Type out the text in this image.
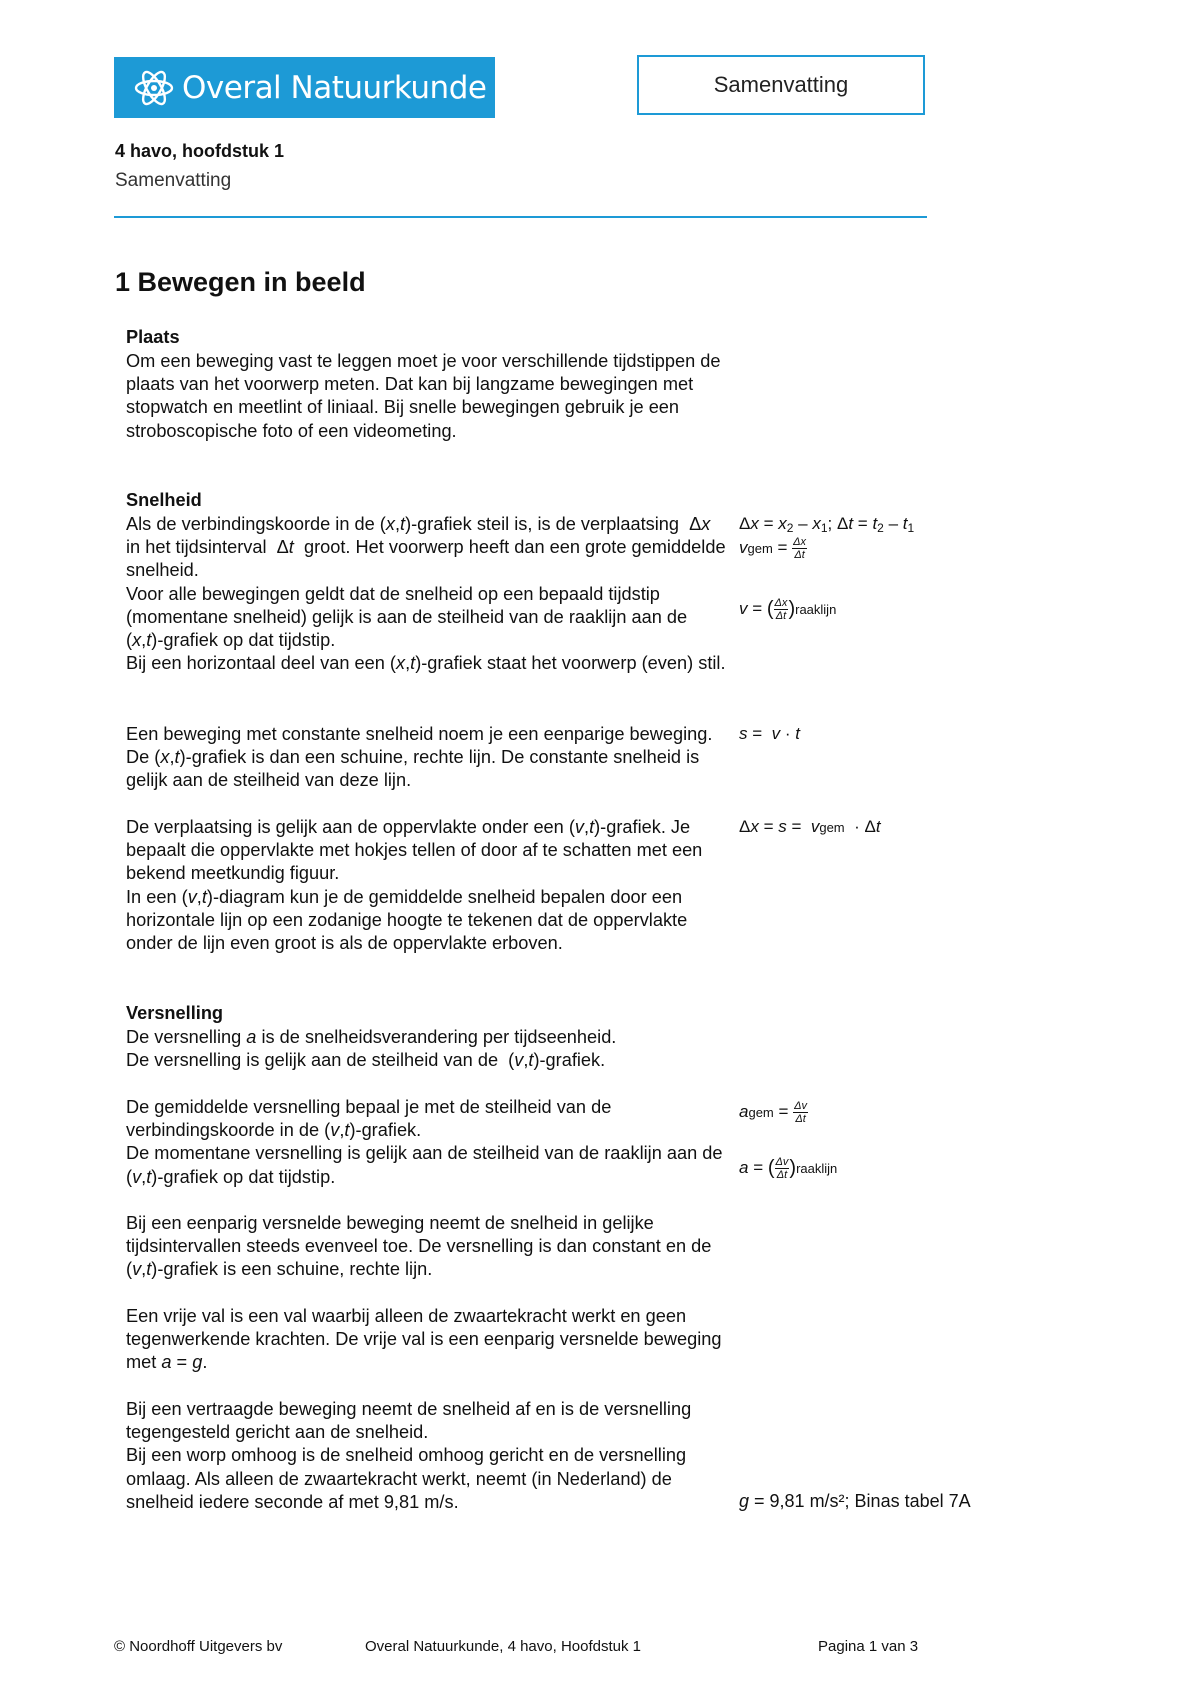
Overal Natuurkunde	Samenvatting
4 havo, hoofdstuk 1
Samenvatting
1 Bewegen in beeld
Plaats

Om een beweging vast te leggen moet je voor verschillende tijdstippen de plaats van het voorwerp meten. Dat kan bij langzame bewegingen met stopwatch en meetlint of liniaal. Bij snelle bewegingen gebruik je een stroboscopische foto of een videometing.

Snelheid

Als de verbindingskoorde in de (x,t)-grafiek steil is, is de verplaatsing  Δx  in het tijdsinterval  Δt  groot. Het voorwerp heeft dan een grote gemiddelde snelheid.
Voor alle bewegingen geldt dat de snelheid op een bepaald tijdstip (momentane snelheid) gelijk is aan de steilheid van de raaklijn aan de (x,t)-grafiek op dat tijdstip.
Bij een horizontaal deel van een (x,t)-grafiek staat het voorwerp (even) stil.

Een beweging met constante snelheid noem je een eenparige beweging. De (x,t)-grafiek is dan een schuine, rechte lijn. De constante snelheid is gelijk aan de steilheid van deze lijn.

De verplaatsing is gelijk aan de oppervlakte onder een (v,t)-grafiek. Je bepaalt die oppervlakte met hokjes tellen of door af te schatten met een bekend meetkundig figuur.
In een (v,t)-diagram kun je de gemiddelde snelheid bepalen door een horizontale lijn op een zodanige hoogte te tekenen dat de oppervlakte onder de lijn even groot is als de oppervlakte erboven.

Versnelling

De versnelling a is de snelheidsverandering per tijdseenheid.
De versnelling is gelijk aan de steilheid van de  (v,t)-grafiek.

De gemiddelde versnelling bepaal je met de steilheid van de verbindingskoorde in de (v,t)-grafiek.
De momentane versnelling is gelijk aan de steilheid van de raaklijn aan de (v,t)-grafiek op dat tijdstip.

Bij een eenparig versnelde beweging neemt de snelheid in gelijke tijdsintervallen steeds evenveel toe. De versnelling is dan constant en de (v,t)-grafiek is een schuine, rechte lijn.

Een vrije val is een val waarbij alleen de zwaartekracht werkt en geen tegenwerkende krachten. De vrije val is een eenparig versnelde beweging met a = g.

Bij een vertraagde beweging neemt de snelheid af en is de versnelling tegengesteld gericht aan de snelheid.
Bij een worp omhoog is de snelheid omhoog gericht en de versnelling omlaag. Als alleen de zwaartekracht werkt, neemt (in Nederland) de snelheid iedere seconde af met 9,81 m/s.

$\Delta x = x_2 - x_1$; $\Delta t = t_2 - t_1$
vgem = $\frac{\Delta x}{\Delta t}$
v = ( $\frac{\Delta x}{\Delta t}$ )raaklijn
s =  v · t
Δx = s =  vgem  · Δt
agem = $\frac{\Delta v}{\Delta t}$
a = ( $\frac{\Delta v}{\Delta t}$ )raaklijn
g = 9,81 m/s²; Binas tabel 7A
© Noordhoff Uitgevers bv	Overal Natuurkunde, 4 havo, Hoofdstuk 1	Pagina 1 van 3
